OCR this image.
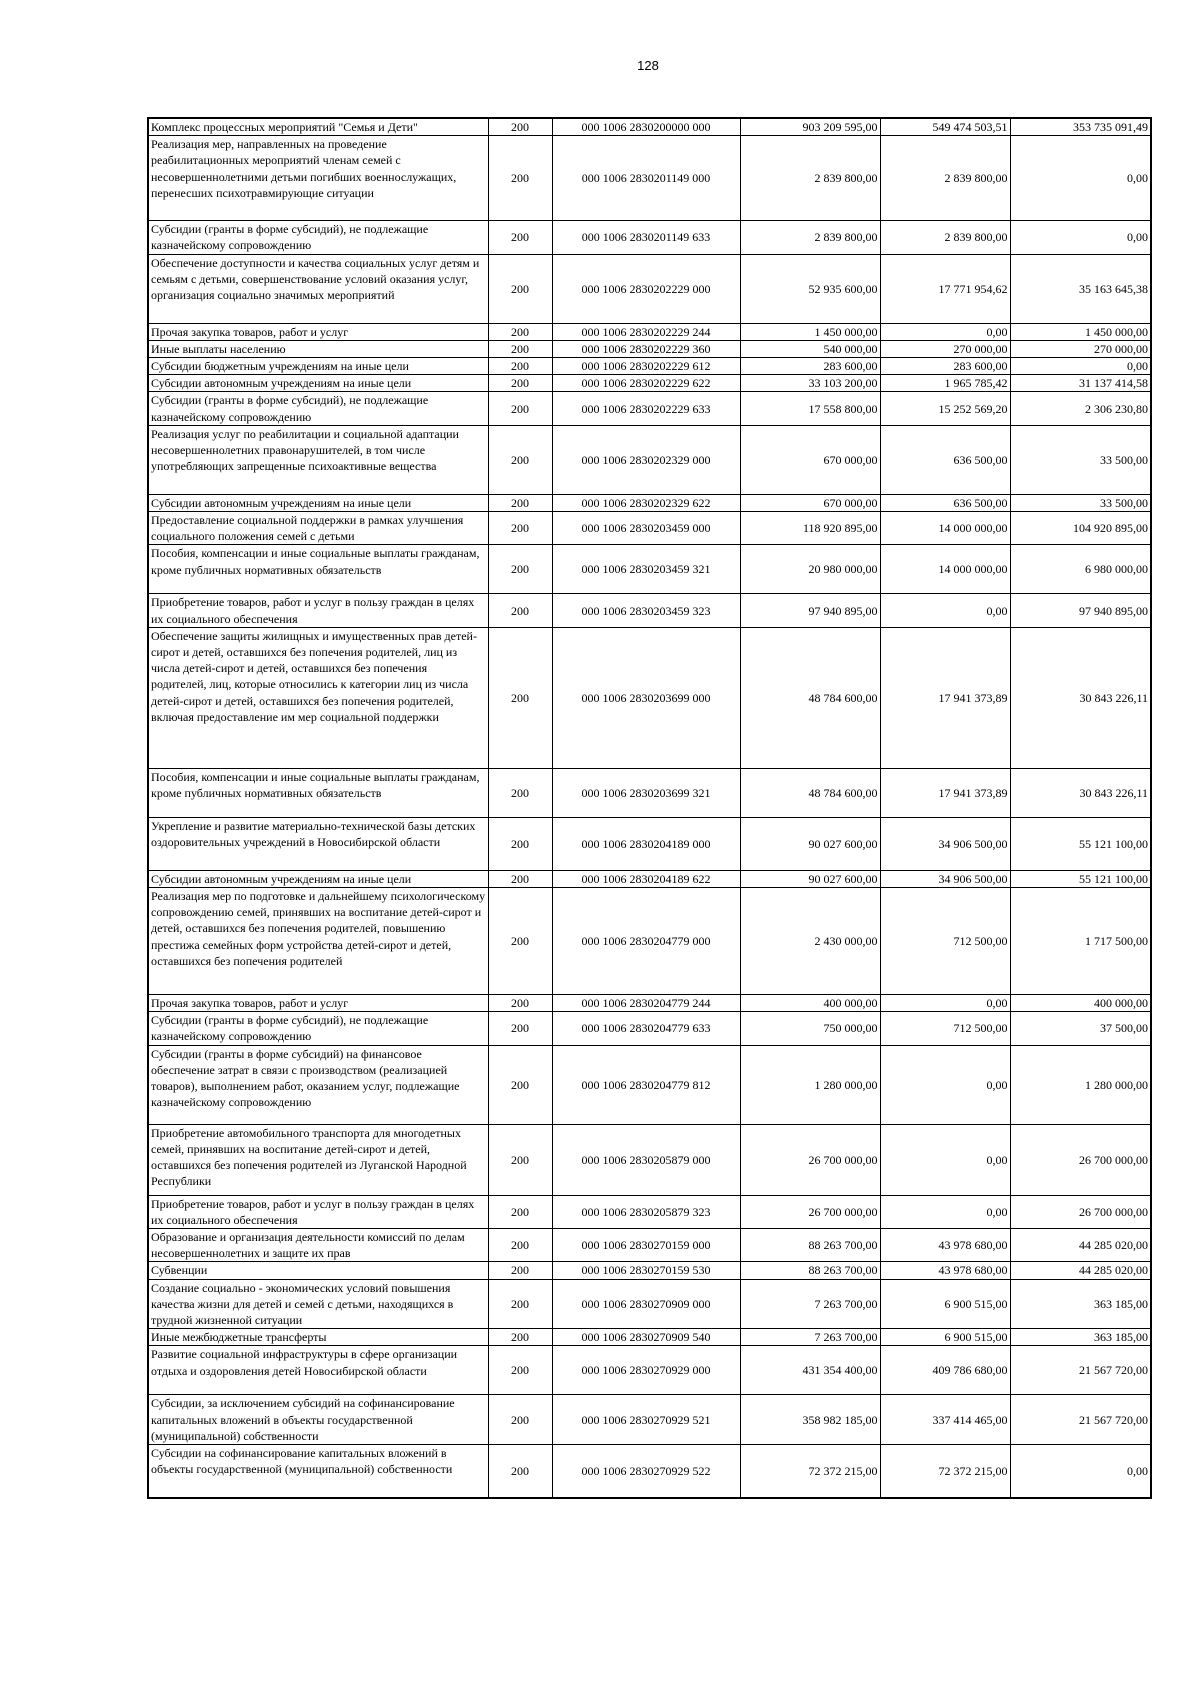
128
Комплекс процессных мероприятий "Семья и Дети"	200	000 1006 2830200000 000	903 209 595,00	549 474 503,51	353 735 091,49
Реализация мер, направленных на проведение реабилитационных мероприятий членам семей с несовершеннолетними детьми погибших военнослужащих, перенесших психотравмирующие ситуации	200	000 1006 2830201149 000	2 839 800,00	2 839 800,00	0,00
Субсидии (гранты в форме субсидий), не подлежащие казначейскому сопровождению	200	000 1006 2830201149 633	2 839 800,00	2 839 800,00	0,00
Обеспечение доступности и качества социальных услуг детям и семьям с детьми, совершенствование условий оказания услуг, организация социально значимых мероприятий	200	000 1006 2830202229 000	52 935 600,00	17 771 954,62	35 163 645,38
Прочая закупка товаров, работ и услуг	200	000 1006 2830202229 244	1 450 000,00	0,00	1 450 000,00
Иные выплаты населению	200	000 1006 2830202229 360	540 000,00	270 000,00	270 000,00
Субсидии бюджетным учреждениям на иные цели	200	000 1006 2830202229 612	283 600,00	283 600,00	0,00
Субсидии автономным учреждениям на иные цели	200	000 1006 2830202229 622	33 103 200,00	1 965 785,42	31 137 414,58
Субсидии (гранты в форме субсидий), не подлежащие казначейскому сопровождению	200	000 1006 2830202229 633	17 558 800,00	15 252 569,20	2 306 230,80
Реализация услуг по реабилитации и социальной адаптации несовершеннолетних правонарушителей, в том числе употребляющих запрещенные психоактивные вещества	200	000 1006 2830202329 000	670 000,00	636 500,00	33 500,00
Субсидии автономным учреждениям на иные цели	200	000 1006 2830202329 622	670 000,00	636 500,00	33 500,00
Предоставление социальной поддержки в рамках улучшения социального положения семей с детьми	200	000 1006 2830203459 000	118 920 895,00	14 000 000,00	104 920 895,00
Пособия, компенсации и иные социальные выплаты гражданам, кроме публичных нормативных обязательств	200	000 1006 2830203459 321	20 980 000,00	14 000 000,00	6 980 000,00
Приобретение товаров, работ и услуг в пользу граждан в целях их социального обеспечения	200	000 1006 2830203459 323	97 940 895,00	0,00	97 940 895,00
Обеспечение защиты жилищных и имущественных прав детей-сирот и детей, оставшихся без попечения родителей, лиц из числа детей-сирот и детей, оставшихся без попечения родителей, лиц, которые относились к категории лиц из числа детей-сирот и детей, оставшихся без попечения родителей, включая предоставление им мер социальной поддержки	200	000 1006 2830203699 000	48 784 600,00	17 941 373,89	30 843 226,11
Пособия, компенсации и иные социальные выплаты гражданам, кроме публичных нормативных обязательств	200	000 1006 2830203699 321	48 784 600,00	17 941 373,89	30 843 226,11
Укрепление и развитие материально-технической базы детских оздоровительных учреждений в Новосибирской области	200	000 1006 2830204189 000	90 027 600,00	34 906 500,00	55 121 100,00
Субсидии автономным учреждениям на иные цели	200	000 1006 2830204189 622	90 027 600,00	34 906 500,00	55 121 100,00
Реализация мер по подготовке и дальнейшему психологическому сопровождению семей, принявших на воспитание детей-сирот и детей, оставшихся без попечения родителей, повышению престижа семейных форм устройства детей-сирот и детей, оставшихся без попечения родителей	200	000 1006 2830204779 000	2 430 000,00	712 500,00	1 717 500,00
Прочая закупка товаров, работ и услуг	200	000 1006 2830204779 244	400 000,00	0,00	400 000,00
Субсидии (гранты в форме субсидий), не подлежащие казначейскому сопровождению	200	000 1006 2830204779 633	750 000,00	712 500,00	37 500,00
Субсидии (гранты в форме субсидий) на финансовое обеспечение затрат в связи с производством (реализацией товаров), выполнением работ, оказанием услуг, подлежащие казначейскому сопровождению	200	000 1006 2830204779 812	1 280 000,00	0,00	1 280 000,00
Приобретение автомобильного транспорта для многодетных семей, принявших на воспитание детей-сирот и детей, оставшихся без попечения родителей из Луганской Народной Республики	200	000 1006 2830205879 000	26 700 000,00	0,00	26 700 000,00
Приобретение товаров, работ и услуг в пользу граждан в целях их социального обеспечения	200	000 1006 2830205879 323	26 700 000,00	0,00	26 700 000,00
Образование и организация деятельности комиссий по делам несовершеннолетних и защите их прав	200	000 1006 2830270159 000	88 263 700,00	43 978 680,00	44 285 020,00
Субвенции	200	000 1006 2830270159 530	88 263 700,00	43 978 680,00	44 285 020,00
Создание социально - экономических условий повышения качества жизни для детей и семей с детьми, находящихся в трудной жизненной ситуации	200	000 1006 2830270909 000	7 263 700,00	6 900 515,00	363 185,00
Иные межбюджетные трансферты	200	000 1006 2830270909 540	7 263 700,00	6 900 515,00	363 185,00
Развитие социальной инфраструктуры в сфере организации отдыха и оздоровления детей Новосибирской области	200	000 1006 2830270929 000	431 354 400,00	409 786 680,00	21 567 720,00
Субсидии, за исключением субсидий на софинансирование капитальных вложений в объекты государственной (муниципальной) собственности	200	000 1006 2830270929 521	358 982 185,00	337 414 465,00	21 567 720,00
Субсидии на софинансирование капитальных вложений в объекты государственной (муниципальной) собственности	200	000 1006 2830270929 522	72 372 215,00	72 372 215,00	0,00
